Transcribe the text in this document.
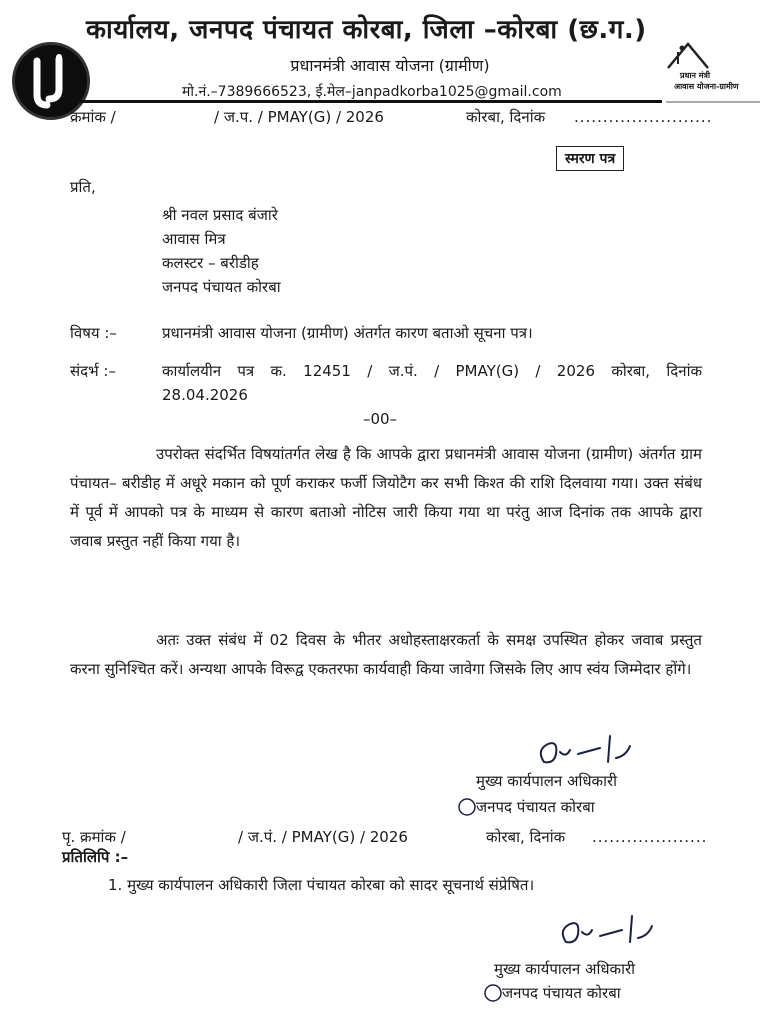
कार्यालय, जनपद पंचायत कोरबा, जिला –कोरबा (छ.ग.)
प्रधानमंत्री आवास योजना (ग्रामीण)
मो.नं.–7389666523, ई.मेल–janpadkorba1025@gmail.com
प्रधान मंत्री
आवास योजना-ग्रामीण
क्रमांक /	/ ज.प. / PMAY(G) / 2026	कोरबा, दिनांक ........................
स्मरण पत्र
प्रति,
श्री नवल प्रसाद बंजारे
आवास मित्र
कलस्टर – बरीडीह
जनपद पंचायत कोरबा
विषय :–	प्रधानमंत्री आवास योजना (ग्रामीण) अंतर्गत कारण बताओ सूचना पत्र।
संदर्भ :–	कार्यालयीन पत्र क. 12451 / ज.पं. / PMAY(G) / 2026 कोरबा, दिनांक
28.04.2026
–00–
उपरोक्त संदर्भित विषयांतर्गत लेख है कि आपके द्वारा प्रधानमंत्री आवास योजना (ग्रामीण) अंतर्गत ग्राम पंचायत– बरीडीह में अधूरे मकान को पूर्ण कराकर फर्जी जियोटैग कर सभी किश्त की राशि दिलवाया गया। उक्त संबंध में पूर्व में आपको पत्र के माध्यम से कारण बताओ नोटिस जारी किया गया था परंतु आज दिनांक तक आपके द्वारा जवाब प्रस्तुत नहीं किया गया है।
अतः उक्त संबंध में 02 दिवस के भीतर अधोहस्ताक्षरकर्ता के समक्ष उपस्थित होकर जवाब प्रस्तुत करना सुनिश्चित करें। अन्यथा आपके विरूद्व एकतरफा कार्यवाही किया जावेगा जिसके लिए आप स्वंय जिम्मेदार होंगे।
मुख्य कार्यपालन अधिकारी
जनपद पंचायत कोरबा
पृ. क्रमांक /	/ ज.पं. / PMAY(G) / 2026	कोरबा, दिनांक ....................
प्रतिलिपि :–
1. मुख्य कार्यपालन अधिकारी जिला पंचायत कोरबा को सादर सूचनार्थ संप्रेषित।
मुख्य कार्यपालन अधिकारी
जनपद पंचायत कोरबा
